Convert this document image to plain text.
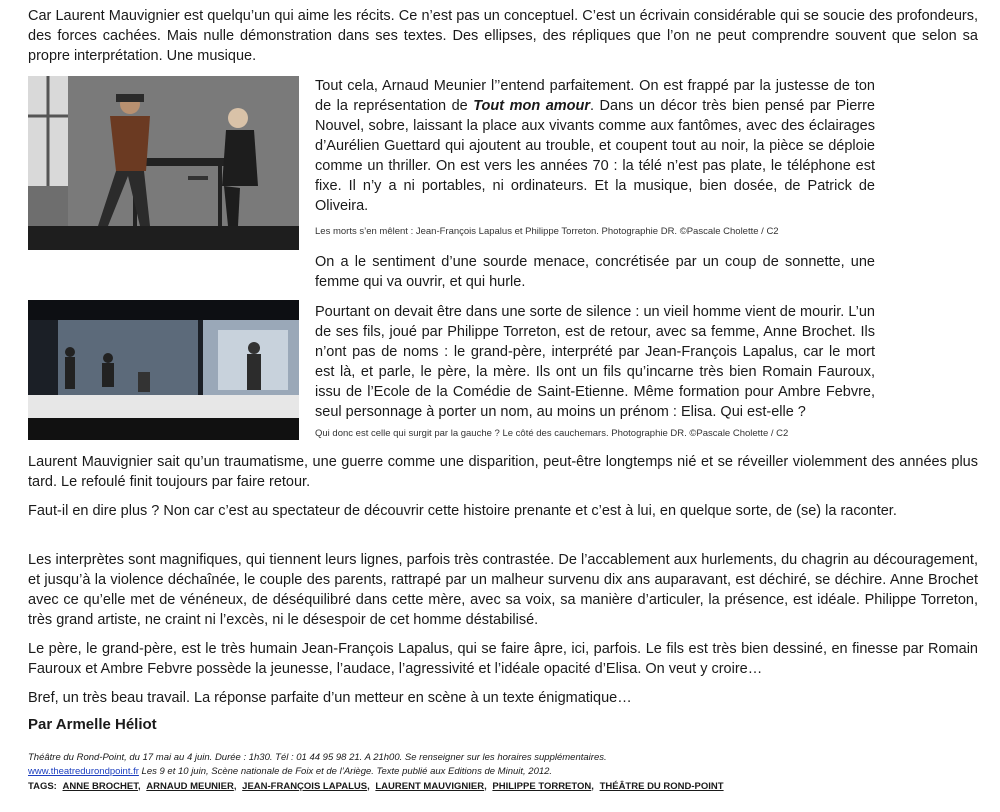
Car Laurent Mauvignier est quelqu’un qui aime les récits. Ce n’est pas un conceptuel. C’est un écrivain considérable qui se soucie des profondeurs, des forces cachées. Mais nulle démonstration dans ses textes. Des ellipses, des répliques que l’on ne peut comprendre souvent que selon sa propre interprétation. Une musique.

Tout cela, Arnaud Meunier l’’entend parfaitement. On est frappé par la justesse de ton de la représentation de Tout mon amour. Dans un décor très bien pensé par Pierre Nouvel, sobre, laissant la place aux vivants comme aux fantômes, avec des éclairages d’Aurélien Guettard qui ajoutent au trouble, et coupent tout au noir, la pièce se déploie comme un thriller. On est vers les années 70 : la télé n’est pas plate, le téléphone est fixe. Il n’y a ni portables, ni ordinateurs. Et la musique, bien dosée, de Patrick de Oliveira.

Les morts s’en mêlent : Jean-François Lapalus et Philippe Torreton. Photographie DR. ©Pascale Cholette / C2

On a le sentiment d’une sourde menace, concrétisée par un coup de sonnette, une femme qui va ouvrir, et qui hurle.

Pourtant on devait être dans une sorte de silence : un vieil homme vient de mourir. L’un de ses fils, joué par Philippe Torreton, est de retour, avec sa femme, Anne Brochet. Ils n’ont pas de noms : le grand-père, interprété par Jean-François Lapalus, car le mort est là, et parle, le père, la mère. Ils ont un fils qu’incarne très bien Romain Fauroux, issu de l’Ecole de la Comédie de Saint-Etienne. Même formation pour Ambre Febvre, seul personnage à porter un nom, au moins un prénom : Elisa. Qui est-elle ?

Qui donc est celle qui surgit par la gauche ? Le côté des cauchemars. Photographie DR. ©Pascale Cholette / C2

Laurent Mauvignier sait qu’un traumatisme, une guerre comme une disparition, peut-être longtemps nié et se réveiller violemment des années plus tard. Le refoulé finit toujours par faire retour.

Faut-il en dire plus ? Non car c’est au spectateur de découvrir cette histoire prenante et c’est à lui, en quelque sorte, de (se) la raconter.

Les interprètes sont magnifiques, qui tiennent leurs lignes, parfois très contrastée. De l’accablement aux hurlements, du chagrin au découragement, et jusqu’à la violence déchaînée, le couple des parents, rattrapé par un malheur survenu dix ans auparavant, est déchiré, se déchire. Anne Brochet avec ce qu’elle met de vénéneux, de déséquilibré dans cette mère, avec sa voix, sa manière d’articuler, la présence, est idéale. Philippe Torreton, très grand artiste, ne craint ni l’excès, ni le désespoir de cet homme déstabilisé.

Le père, le grand-père, est le très humain Jean-François Lapalus, qui se faire âpre, ici, parfois. Le fils est très bien dessiné, en finesse par Romain Fauroux et Ambre Febvre possède la jeunesse, l’audace, l’agressivité et l’idéale opacité d’Elisa. On veut y croire…

Bref, un très beau travail. La réponse parfaite d’un metteur en scène à un texte énigmatique…

Par Armelle Héliot

Théâtre du Rond-Point, du 17 mai au 4 juin. Durée : 1h30. Tél : 01 44 95 98 21. A 21h00. Se renseigner sur les horaires supplémentaires.

www.theatredurondpoint.fr Les 9 et 10 juin, Scène nationale de Foix et de l’Ariège. Texte publié aux Editions de Minuit, 2012.

TAGS: ANNE BROCHET, ARNAUD MEUNIER, JEAN-FRANÇOIS LAPALUS, LAURENT MAUVIGNIER, PHILIPPE TORRETON, THÉÂTRE DU ROND-POINT
